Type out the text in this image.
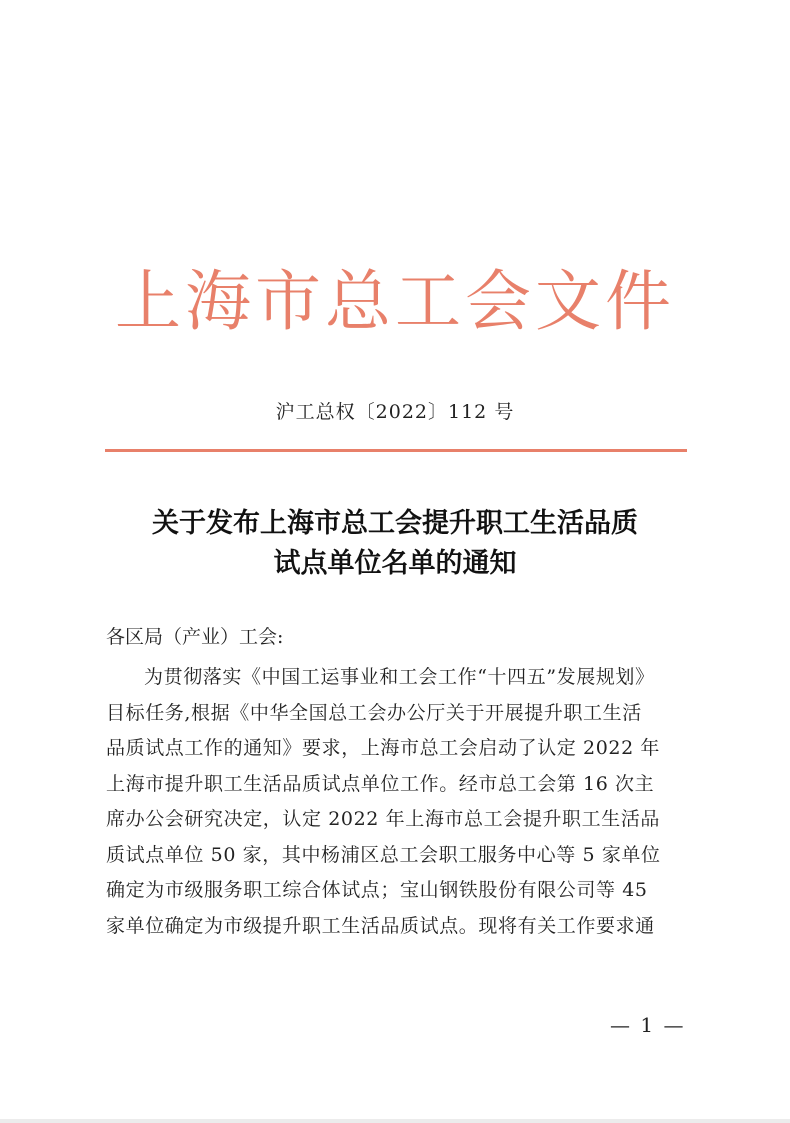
上海市总工会文件
沪工总权〔2022〕112 号
关于发布上海市总工会提升职工生活品质
试点单位名单的通知
各区局（产业）工会:
为贯彻落实《中国工运事业和工会工作“十四五”发展规划》
目标任务,根据《中华全国总工会办公厅关于开展提升职工生活
品质试点工作的通知》要求，上海市总工会启动了认定 2022 年
上海市提升职工生活品质试点单位工作。经市总工会第 16 次主
席办公会研究决定，认定 2022 年上海市总工会提升职工生活品
质试点单位 50 家，其中杨浦区总工会职工服务中心等 5 家单位
确定为市级服务职工综合体试点；宝山钢铁股份有限公司等 45
家单位确定为市级提升职工生活品质试点。现将有关工作要求通
— 1 —
